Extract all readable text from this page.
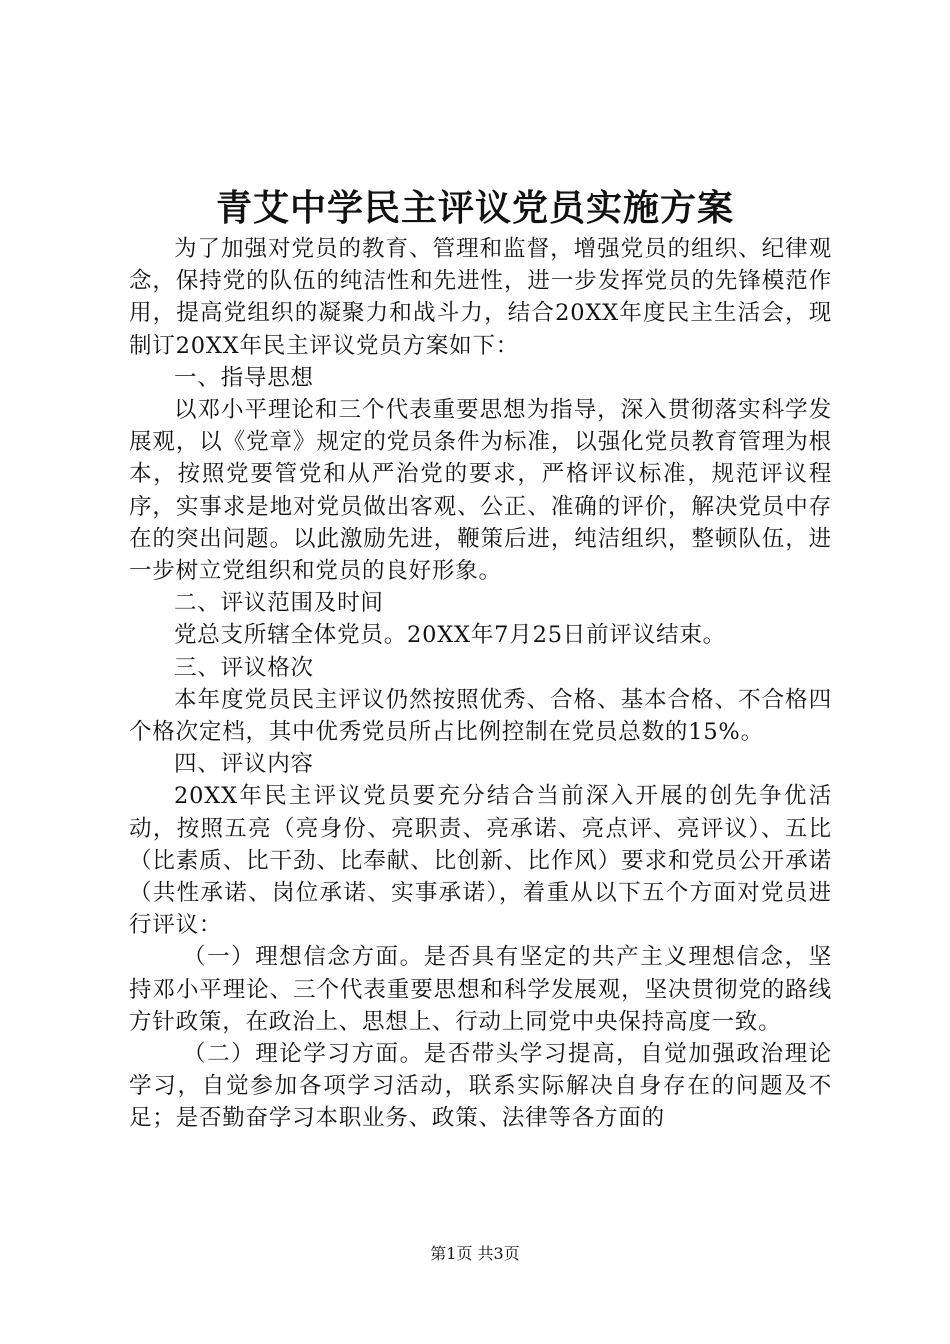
青艾中学民主评议党员实施方案

为了加强对党员的教育、管理和监督，增强党员的组织、纪律观念，保持党的队伍的纯洁性和先进性，进一步发挥党员的先锋模范作用，提高党组织的凝聚力和战斗力，结合20XX年度民主生活会，现制订20XX年民主评议党员方案如下：

一、指导思想

以邓小平理论和三个代表重要思想为指导，深入贯彻落实科学发展观，以《党章》规定的党员条件为标准，以强化党员教育管理为根本，按照党要管党和从严治党的要求，严格评议标准，规范评议程序，实事求是地对党员做出客观、公正、准确的评价，解决党员中存在的突出问题。以此激励先进，鞭策后进，纯洁组织，整顿队伍，进一步树立党组织和党员的良好形象。

二、评议范围及时间

党总支所辖全体党员。20XX年7月25日前评议结束。

三、评议格次

本年度党员民主评议仍然按照优秀、合格、基本合格、不合格四个格次定档，其中优秀党员所占比例控制在党员总数的15%。

四、评议内容

20XX年民主评议党员要充分结合当前深入开展的创先争优活动，按照五亮（亮身份、亮职责、亮承诺、亮点评、亮评议）、五比（比素质、比干劲、比奉献、比创新、比作风）要求和党员公开承诺（共性承诺、岗位承诺、实事承诺），着重从以下五个方面对党员进行评议：

（一）理想信念方面。是否具有坚定的共产主义理想信念，坚持邓小平理论、三个代表重要思想和科学发展观，坚决贯彻党的路线方针政策，在政治上、思想上、行动上同党中央保持高度一致。

（二）理论学习方面。是否带头学习提高，自觉加强政治理论学习，自觉参加各项学习活动，联系实际解决自身存在的问题及不足；是否勤奋学习本职业务、政策、法律等各方面的

第1页 共3页
